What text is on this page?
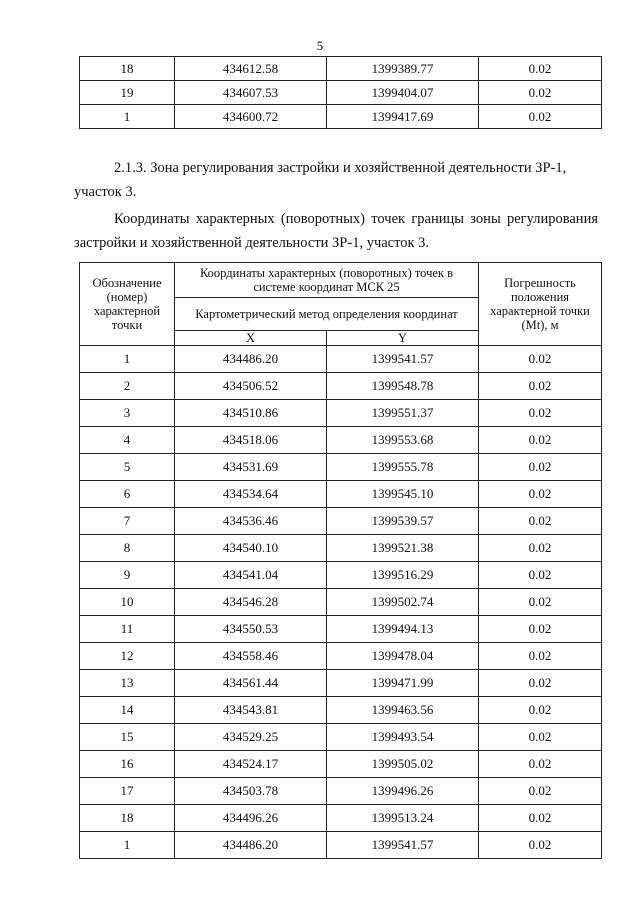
5
18	434612.58	1399389.77	0.02
19	434607.53	1399404.07	0.02
1	434600.72	1399417.69	0.02

2.1.3. Зона регулирования застройки и хозяйственной деятельности ЗР-1, участок 3.

Координаты характерных (поворотных) точек границы зоны регулирования застройки и хозяйственной деятельности ЗР-1, участок 3.

Обозначение (номер) характерной точки	Координаты характерных (поворотных) точек в системе координат МСК 25		Погрешность положения характерной точки (Mt), м
	Картометрический метод определения координат		
	X	Y	
1	434486.20	1399541.57	0.02
2	434506.52	1399548.78	0.02
3	434510.86	1399551.37	0.02
4	434518.06	1399553.68	0.02
5	434531.69	1399555.78	0.02
6	434534.64	1399545.10	0.02
7	434536.46	1399539.57	0.02
8	434540.10	1399521.38	0.02
9	434541.04	1399516.29	0.02
10	434546.28	1399502.74	0.02
11	434550.53	1399494.13	0.02
12	434558.46	1399478.04	0.02
13	434561.44	1399471.99	0.02
14	434543.81	1399463.56	0.02
15	434529.25	1399493.54	0.02
16	434524.17	1399505.02	0.02
17	434503.78	1399496.26	0.02
18	434496.26	1399513.24	0.02
1	434486.20	1399541.57	0.02
